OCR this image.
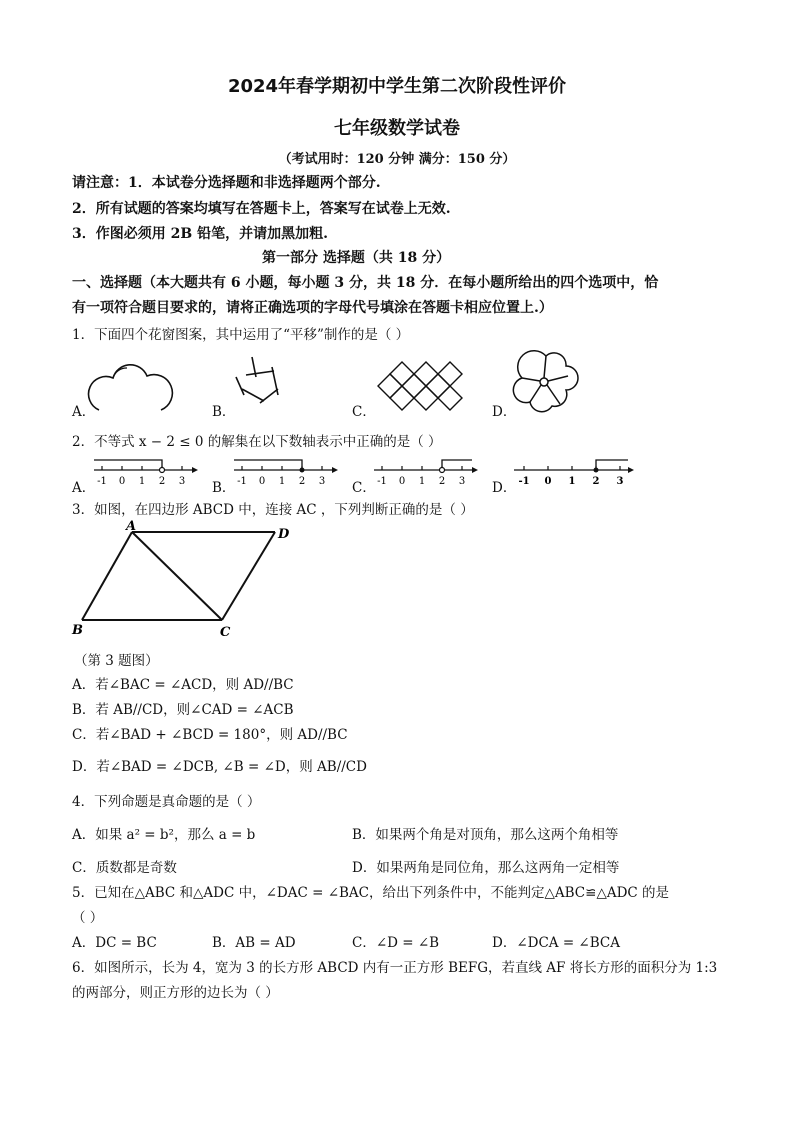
2024年春学期初中学生第二次阶段性评价
七年级数学试卷
（考试用时：120 分钟 满分：150 分）
请注意：1．本试卷分选择题和非选择题两个部分.
2．所有试题的答案均填写在答题卡上，答案写在试卷上无效.
3．作图必须用 2B 铅笔，并请加黑加粗.
第一部分 选择题（共 18 分）
一、选择题（本大题共有 6 小题，每小题 3 分，共 18 分．在每小题所给出的四个选项中，恰
有一项符合题目要求的，请将正确选项的字母代号填涂在答题卡相应位置上.）
1．下面四个花窗图案，其中运用了“平移”制作的是（ ）
A．	B．	C．	D．
2．不等式 x − 2 ≤ 0 的解集在以下数轴表示中正确的是（ ）
A． -1 0 1 2 3 B． -1 0 1 2 3 C． -1 0 1 2 3 D． -1 0 1 2 3
3．如图，在四边形 ABCD 中，连接 AC ，下列判断正确的是（ ）
A
D
B	C
（第 3 题图）
A．若∠BAC = ∠ACD，则 AD//BC
B．若 AB//CD，则∠CAD = ∠ACB
C．若∠BAD + ∠BCD = 180°，则 AD//BC
D．若∠BAD = ∠DCB, ∠B = ∠D，则 AB//CD
4．下列命题是真命题的是（ ）
A．如果 a² = b²，那么 a = b	B．如果两个角是对顶角，那么这两个角相等
C．质数都是奇数	D．如果两角是同位角，那么这两角一定相等
5．已知在△ABC 和△ADC 中，∠DAC = ∠BAC，给出下列条件中，不能判定△ABC≌△ADC 的是
（ ）
A．DC = BC	B．AB = AD	C．∠D = ∠B	D．∠DCA = ∠BCA
6．如图所示，长为 4，宽为 3 的长方形 ABCD 内有一正方形 BEFG，若直线 AF 将长方形的面积分为 1:3
的两部分，则正方形的边长为（ ）
